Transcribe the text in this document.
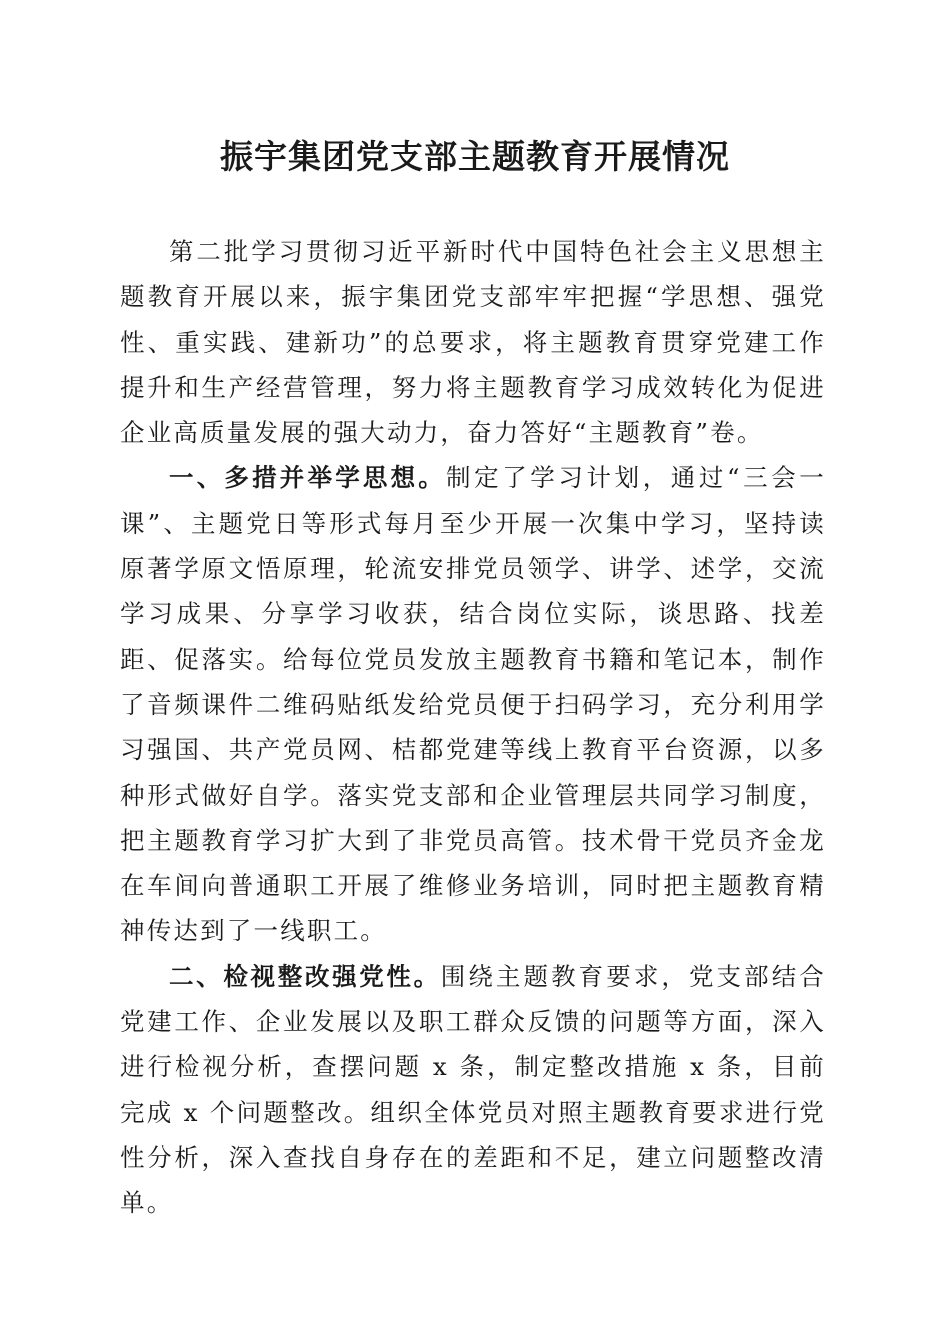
振宇集团党支部主题教育开展情况

第二批学习贯彻习近平新时代中国特色社会主义思想主题教育开展以来，振宇集团党支部牢牢把握“学思想、强党性、重实践、建新功”的总要求，将主题教育贯穿党建工作提升和生产经营管理，努力将主题教育学习成效转化为促进企业高质量发展的强大动力，奋力答好“主题教育”卷。

一、多措并举学思想。制定了学习计划，通过“三会一课”、主题党日等形式每月至少开展一次集中学习，坚持读原著学原文悟原理，轮流安排党员领学、讲学、述学，交流学习成果、分享学习收获，结合岗位实际，谈思路、找差距、促落实。给每位党员发放主题教育书籍和笔记本，制作了音频课件二维码贴纸发给党员便于扫码学习，充分利用学习强国、共产党员网、桔都党建等线上教育平台资源，以多种形式做好自学。落实党支部和企业管理层共同学习制度，把主题教育学习扩大到了非党员高管。技术骨干党员齐金龙在车间向普通职工开展了维修业务培训，同时把主题教育精神传达到了一线职工。

二、检视整改强党性。围绕主题教育要求，党支部结合党建工作、企业发展以及职工群众反馈的问题等方面，深入进行检视分析，查摆问题 x 条，制定整改措施 x 条，目前完成 x 个问题整改。组织全体党员对照主题教育要求进行党性分析，深入查找自身存在的差距和不足，建立问题整改清单。
